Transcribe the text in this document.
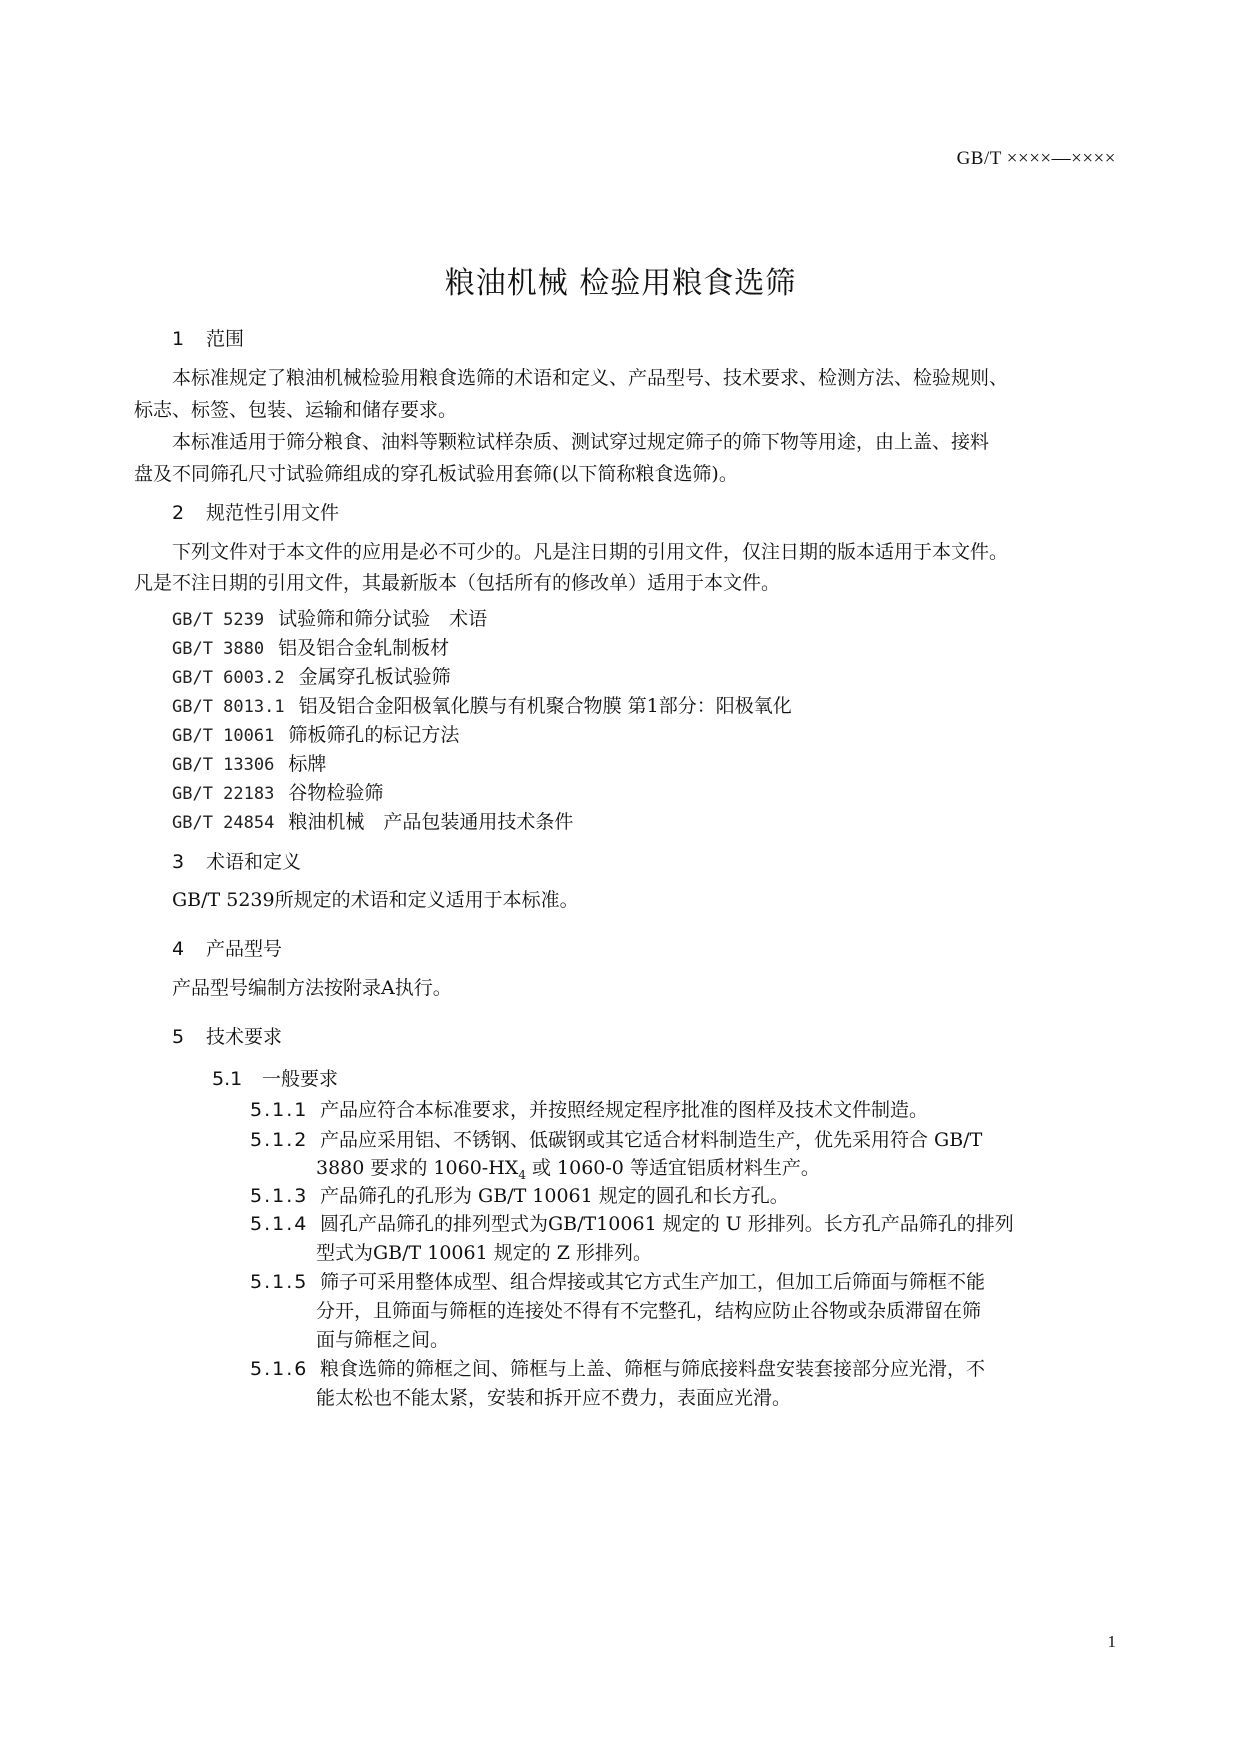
GB/T ××××—××××
粮油机械 检验用粮食选筛
1 范围
本标准规定了粮油机械检验用粮食选筛的术语和定义、产品型号、技术要求、检测方法、检验规则、
标志、标签、包装、运输和储存要求。
本标准适用于筛分粮食、油料等颗粒试样杂质、测试穿过规定筛子的筛下物等用途，由上盖、接料
盘及不同筛孔尺寸试验筛组成的穿孔板试验用套筛(以下简称粮食选筛)。
2 规范性引用文件
下列文件对于本文件的应用是必不可少的。凡是注日期的引用文件，仅注日期的版本适用于本文件。
凡是不注日期的引用文件，其最新版本（包括所有的修改单）适用于本文件。
GB/T 5239 试验筛和筛分试验　术语
GB/T 3880 铝及铝合金轧制板材
GB/T 6003.2 金属穿孔板试验筛
GB/T 8013.1 铝及铝合金阳极氧化膜与有机聚合物膜 第1部分：阳极氧化
GB/T 10061 筛板筛孔的标记方法
GB/T 13306 标牌
GB/T 22183 谷物检验筛
GB/T 24854 粮油机械　产品包装通用技术条件
3 术语和定义
GB/T 5239所规定的术语和定义适用于本标准。
4 产品型号
产品型号编制方法按附录A执行。
5 技术要求
5.1 一般要求
5.1.1 产品应符合本标准要求，并按照经规定程序批准的图样及技术文件制造。
5.1.2 产品应采用铝、不锈钢、低碳钢或其它适合材料制造生产，优先采用符合 GB/T
3880 要求的 $1060-HX_4$ 或 1060-0 等适宜铝质材料生产。
5.1.3 产品筛孔的孔形为 GB/T 10061 规定的圆孔和长方孔。
5.1.4 圆孔产品筛孔的排列型式为GB/T10061 规定的 U 形排列。长方孔产品筛孔的排列
型式为GB/T 10061 规定的 Z 形排列。
5.1.5 筛子可采用整体成型、组合焊接或其它方式生产加工，但加工后筛面与筛框不能
分开，且筛面与筛框的连接处不得有不完整孔，结构应防止谷物或杂质滞留在筛
面与筛框之间。
5.1.6 粮食选筛的筛框之间、筛框与上盖、筛框与筛底接料盘安装套接部分应光滑，不
能太松也不能太紧，安装和拆开应不费力，表面应光滑。
1
